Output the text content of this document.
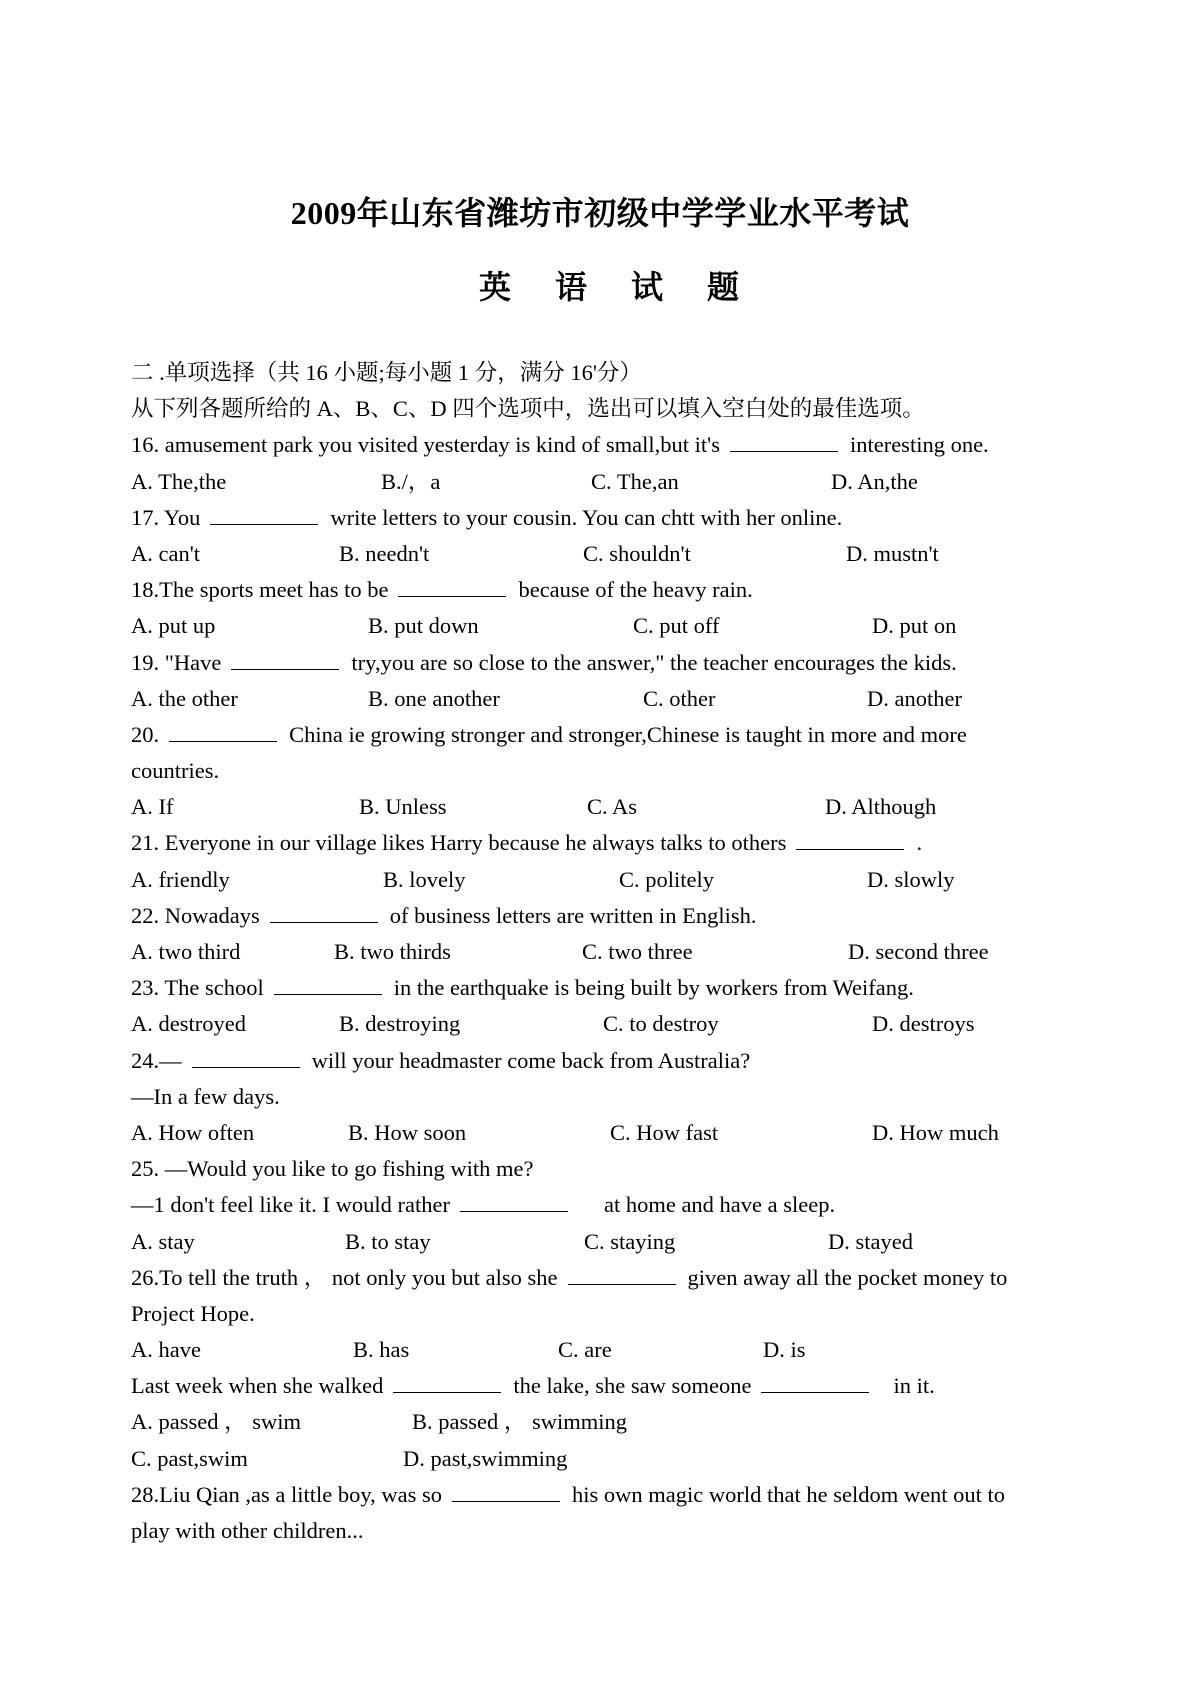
2009年山东省潍坊市初级中学学业水平考试
英 语 试 题
二 .单项选择（共 16 小题;每小题 1 分，满分 16'分）
从下列各题所给的 A、B、C、D 四个选项中，选出可以填入空白处的最佳选项。
16. amusement park you visited yesterday is kind of small,but it's	interesting one.
A. The,the	B./，a	C. The,an	D. An,the
17. You	write letters to your cousin. You can chtt with her online.
A. can't	B. needn't	C. shouldn't	D. mustn't
18.The sports meet has to be	because of the heavy rain.
A. put up	B. put down	C. put off	D. put on
19. "Have	try,you are so close to the answer," the teacher encourages the kids.
A. the other	B. one another	C. other	D. another
20.	China ie growing stronger and stronger,Chinese is taught in more and more
countries.
A. If	B. Unless	C. As	D. Although
21. Everyone in our village likes Harry because he always talks to others	.
A. friendly	B. lovely	C. politely	D. slowly
22. Nowadays	of business letters are written in English.
A. two third	B. two thirds	C. two three	D. second three
23. The school	in the earthquake is being built by workers from Weifang.
A. destroyed	B. destroying	C. to destroy	D. destroys
24.—	will your headmaster come back from Australia?
—In a few days.
A. How often	B. How soon	C. How fast	D. How much
25. —Would you like to go fishing with me?
—1 don't feel like it. I would rather	at home and have a sleep.
A. stay	B. to stay	C. staying	D. stayed
26.To tell the truth ， not only you but also she	given away all the pocket money to
Project Hope.
A. have	B. has	C. are	D. is
Last week when she walked	the lake, she saw someone	in it.
A. passed ， swim	B. passed ， swimming
C. past,swim	D. past,swimming
28.Liu Qian ,as a little boy, was so	his own magic world that he seldom went out to
play with other children...
